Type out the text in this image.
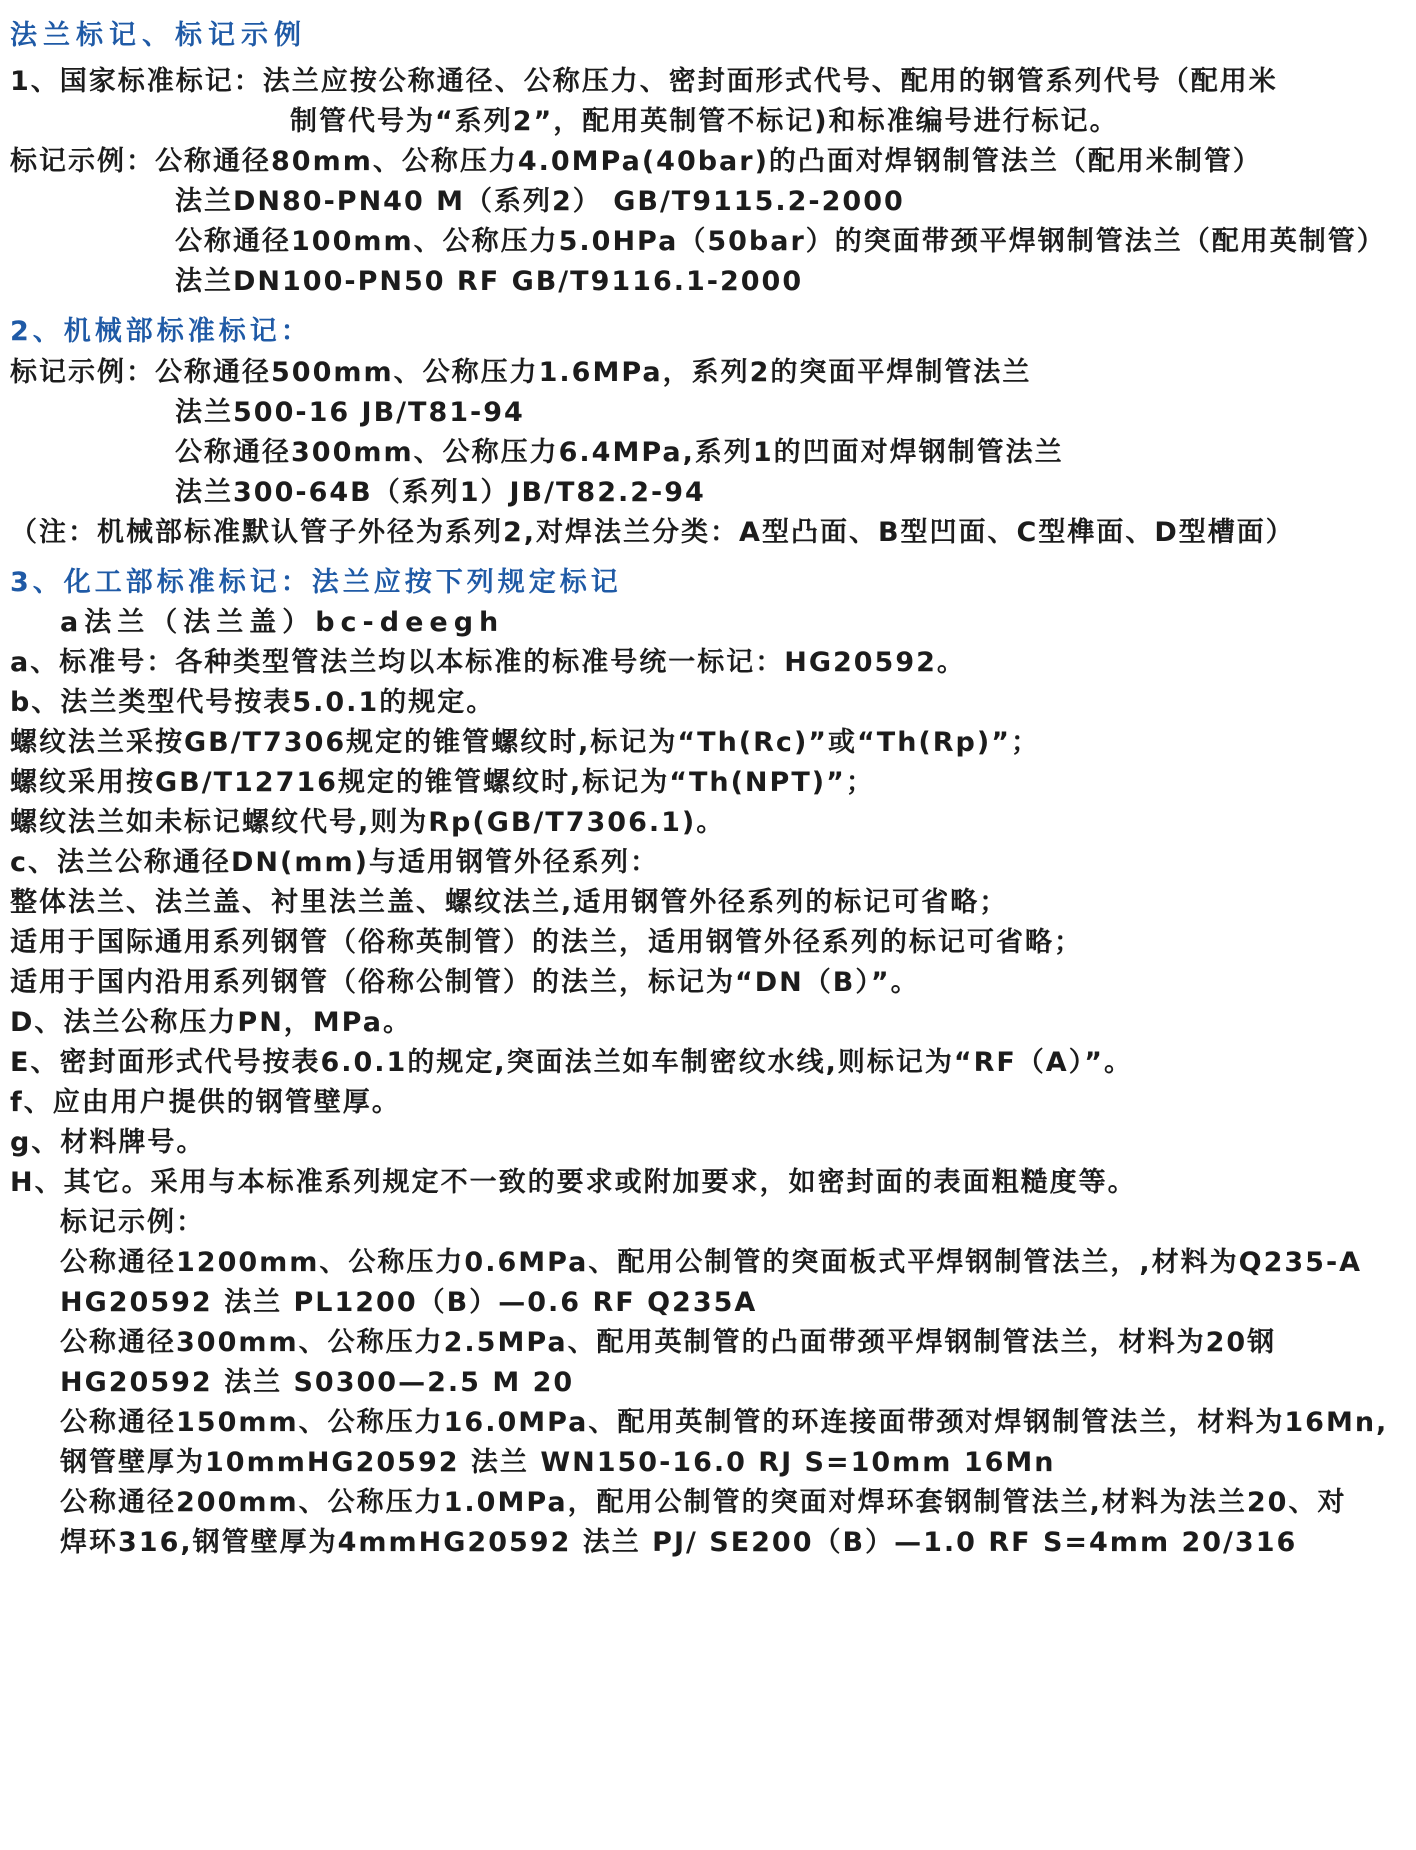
法兰标记、标记示例
1、国家标准标记：法兰应按公称通径、公称压力、密封面形式代号、配用的钢管系列代号（配用米
制管代号为“系列2”，配用英制管不标记)和标准编号进行标记。
标记示例：公称通径80mm、公称压力4.0MPa(40bar)的凸面对焊钢制管法兰（配用米制管）
法兰DN80-PN40 M（系列2） GB/T9115.2-2000
公称通径100mm、公称压力5.0HPa（50bar）的突面带颈平焊钢制管法兰（配用英制管）
法兰DN100-PN50 RF GB/T9116.1-2000
2、机械部标准标记：
标记示例：公称通径500mm、公称压力1.6MPa，系列2的突面平焊制管法兰
法兰500-16 JB/T81-94
公称通径300mm、公称压力6.4MPa,系列1的凹面对焊钢制管法兰
法兰300-64B（系列1）JB/T82.2-94
（注：机械部标准默认管子外径为系列2,对焊法兰分类：A型凸面、B型凹面、C型榫面、D型槽面）
3、化工部标准标记：法兰应按下列规定标记
a法兰（法兰盖）bc-deegh
a、标准号：各种类型管法兰均以本标准的标准号统一标记：HG20592。
b、法兰类型代号按表5.0.1的规定。
螺纹法兰采按GB/T7306规定的锥管螺纹时,标记为“Th(Rc)”或“Th(Rp)”；
螺纹采用按GB/T12716规定的锥管螺纹时,标记为“Th(NPT)”；
螺纹法兰如未标记螺纹代号,则为Rp(GB/T7306.1)。
c、法兰公称通径DN(mm)与适用钢管外径系列：
整体法兰、法兰盖、衬里法兰盖、螺纹法兰,适用钢管外径系列的标记可省略；
适用于国际通用系列钢管（俗称英制管）的法兰，适用钢管外径系列的标记可省略；
适用于国内沿用系列钢管（俗称公制管）的法兰，标记为“DN（B）”。
D、法兰公称压力PN，MPa。
E、密封面形式代号按表6.0.1的规定,突面法兰如车制密纹水线,则标记为“RF（A）”。
f、应由用户提供的钢管壁厚。
g、材料牌号。
H、其它。采用与本标准系列规定不一致的要求或附加要求，如密封面的表面粗糙度等。
标记示例：
公称通径1200mm、公称压力0.6MPa、配用公制管的突面板式平焊钢制管法兰，,材料为Q235-A
HG20592 法兰 PL1200（B）—0.6 RF Q235A
公称通径300mm、公称压力2.5MPa、配用英制管的凸面带颈平焊钢制管法兰，材料为20钢
HG20592 法兰 S0300—2.5 M 20
公称通径150mm、公称压力16.0MPa、配用英制管的环连接面带颈对焊钢制管法兰，材料为16Mn,
钢管壁厚为10mmHG20592 法兰 WN150-16.0 RJ S=10mm 16Mn
公称通径200mm、公称压力1.0MPa，配用公制管的突面对焊环套钢制管法兰,材料为法兰20、对
焊环316,钢管壁厚为4mmHG20592 法兰 PJ/ SE200（B）—1.0 RF S=4mm 20/316
